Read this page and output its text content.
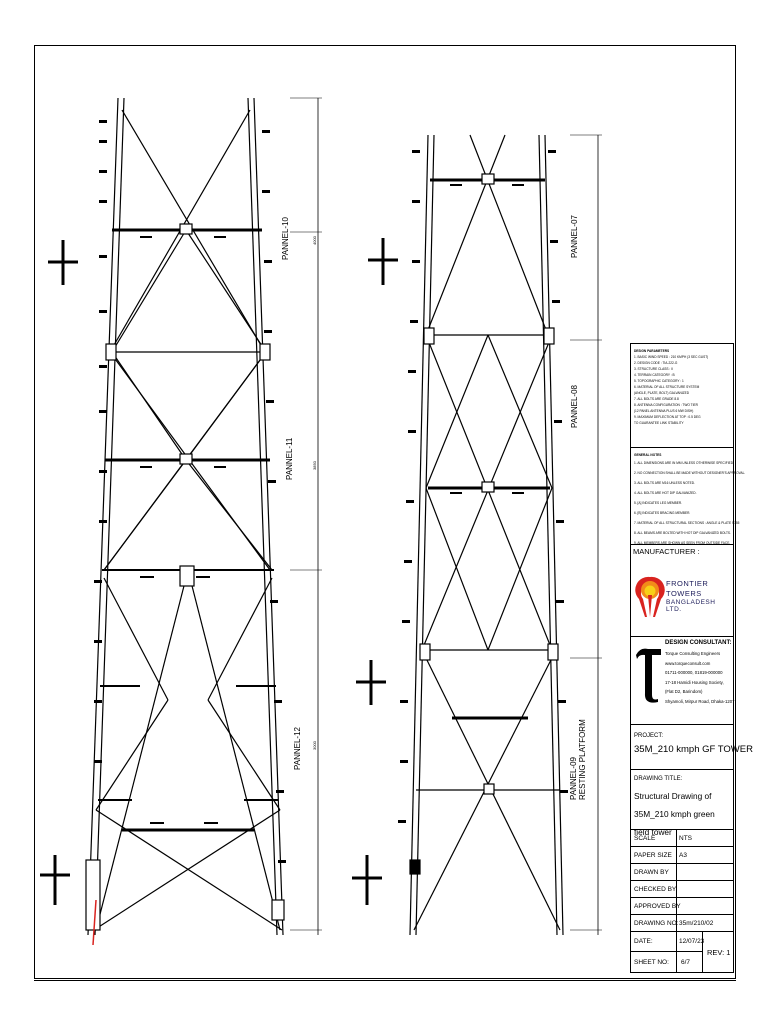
PANNEL-10
PANNEL-11
PANNEL-12
4000
3850
3000
PANNEL-07
PANNEL-08
PANNEL-09 RESTING PLATFORM
DESIGN PARAMETERS
1. BASIC WIND SPEED : 210 KMPH (3 SEC GUST)
2. DESIGN CODE : TIA-222-G
3. STRUCTURE CLASS : II
4. TERRAIN CATEGORY : B
5. TOPOGRAPHIC CATEGORY : 1
6. MATERIAL OF ALL STRUCTURE SYSTEM
(ANGLE, PLATE, BOLT) GALVANIZED
7. ALL BOLTS ARE GRADE 8.8
8. ANTENNA CONFIGURATION : TWO TIER
(12 PANEL ANTENNA PLUS 6 MW DISH)
9. MAXIMUM DEFLECTION AT TOP : 0.5 DEG
TO GUARANTEE LINK STABILITY
GENERAL NOTES
1. ALL DIMENSIONS ARE IN MM UNLESS OTHERWISE SPECIFIED.
2. NO CONNECTION SHALL BE MADE WITHOUT DESIGNER'S APPROVAL.
3. ALL BOLTS ARE M16 UNLESS NOTED.
4. ALL BOLTS ARE HOT DIP GALVANIZED.
5. [A] INDICATES LEG MEMBER.
6. [B] INDICATES BRACING MEMBER.
7. MATERIAL OF ALL STRUCTURAL SECTIONS : ANGLE & PLATE S355
8. ALL BEAMS ARE BOLTED WITH HOT DIP GALVANIZED BOLTS.
9. ALL MEMBERS ARE SHOWN AS SEEN FROM OUTSIDE FACE.
MANUFACTURER :
FRONTIER
TOWERS
BANGLADESH LTD.
DESIGN CONSULTANT:
Torque Consulting Engineers
www.torqueconsult.com
01711-000000, 01819-000000
17-18 Hamidi Housing Society,
(Flat D2, Barindom)
Shyamoli, Mirpur Road, Dhaka-1207
PROJECT:
35M_210 kmph GF TOWER
DRAWING TITLE:
Structural Drawing of 35M_210 kmph green field tower
SCALE	NTS
PAPER SIZE A3
DRAWN BY
CHECKED BY
APPROVED BY
DRAWING NO: 35m/210/02
DATE:	12/07/23
SHEET NO: 6/7
REV: 1
